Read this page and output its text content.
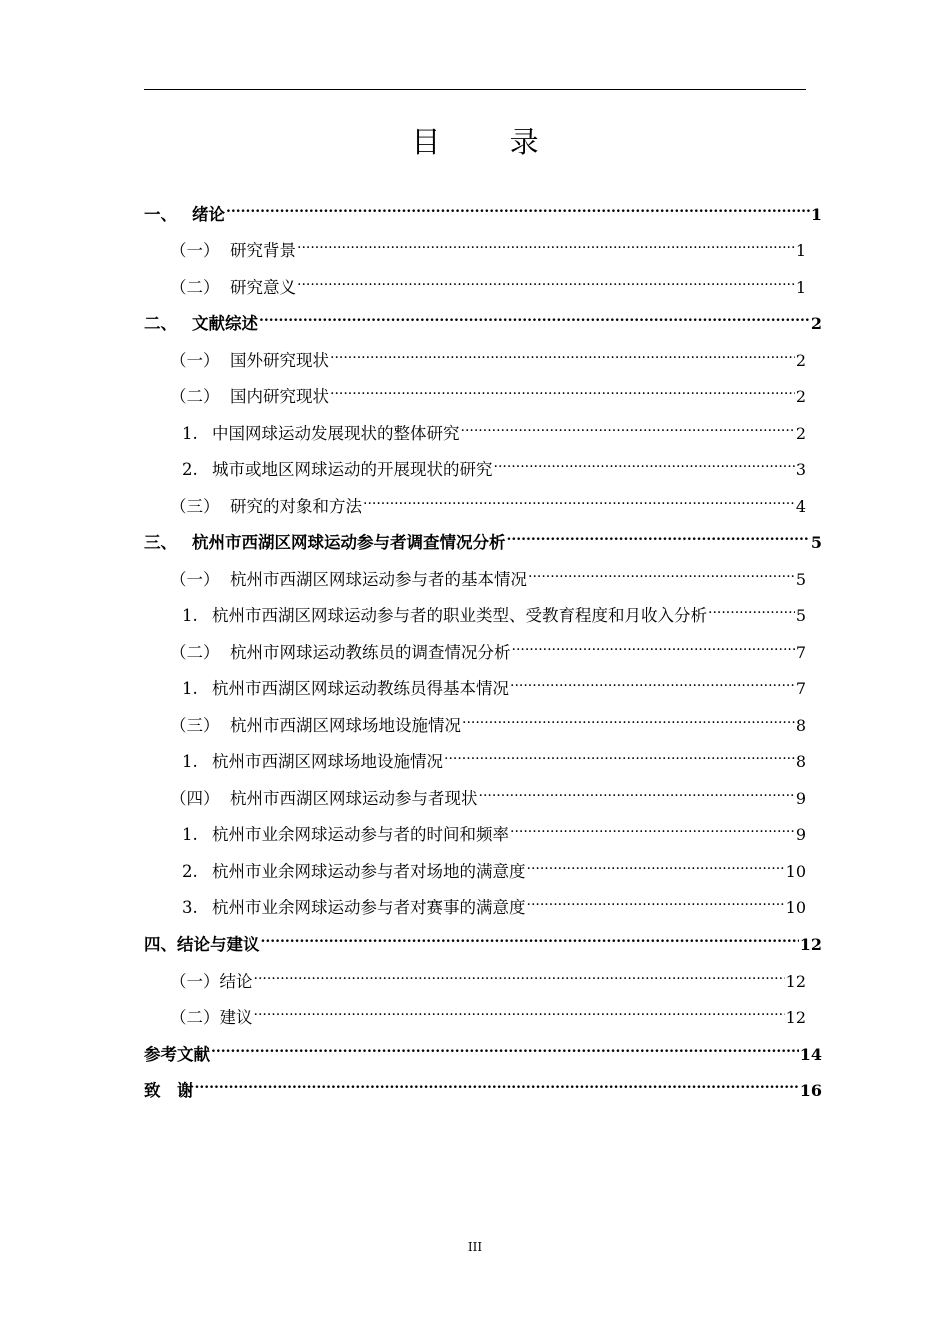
目 录
一、 绪论 .....	1
（一） 研究背景 .....	1
（二） 研究意义 .....	1
二、 文献综述 .....	2
（一） 国外研究现状 .....	2
（二） 国内研究现状 .....	2
1. 中国网球运动发展现状的整体研究 .....	2
2. 城市或地区网球运动的开展现状的研究 .....	3
（三） 研究的对象和方法 .....	4
三、 杭州市西湖区网球运动参与者调查情况分析 .....	5
（一） 杭州市西湖区网球运动参与者的基本情况 .....	5
1. 杭州市西湖区网球运动参与者的职业类型、受教育程度和月收入分析 .....	5
（二） 杭州市网球运动教练员的调查情况分析 .....	7
1. 杭州市西湖区网球运动教练员得基本情况 .....	7
（三） 杭州市西湖区网球场地设施情况 .....	8
1. 杭州市西湖区网球场地设施情况 .....	8
（四） 杭州市西湖区网球运动参与者现状 .....	9
1. 杭州市业余网球运动参与者的时间和频率 .....	9
2. 杭州市业余网球运动参与者对场地的满意度 .....	10
3. 杭州市业余网球运动参与者对赛事的满意度 .....	10
四、结论与建议 .....	12
（一）结论 .....	12
（二）建议 .....	12
参考文献 .....	14
致　谢 .....	16
III
